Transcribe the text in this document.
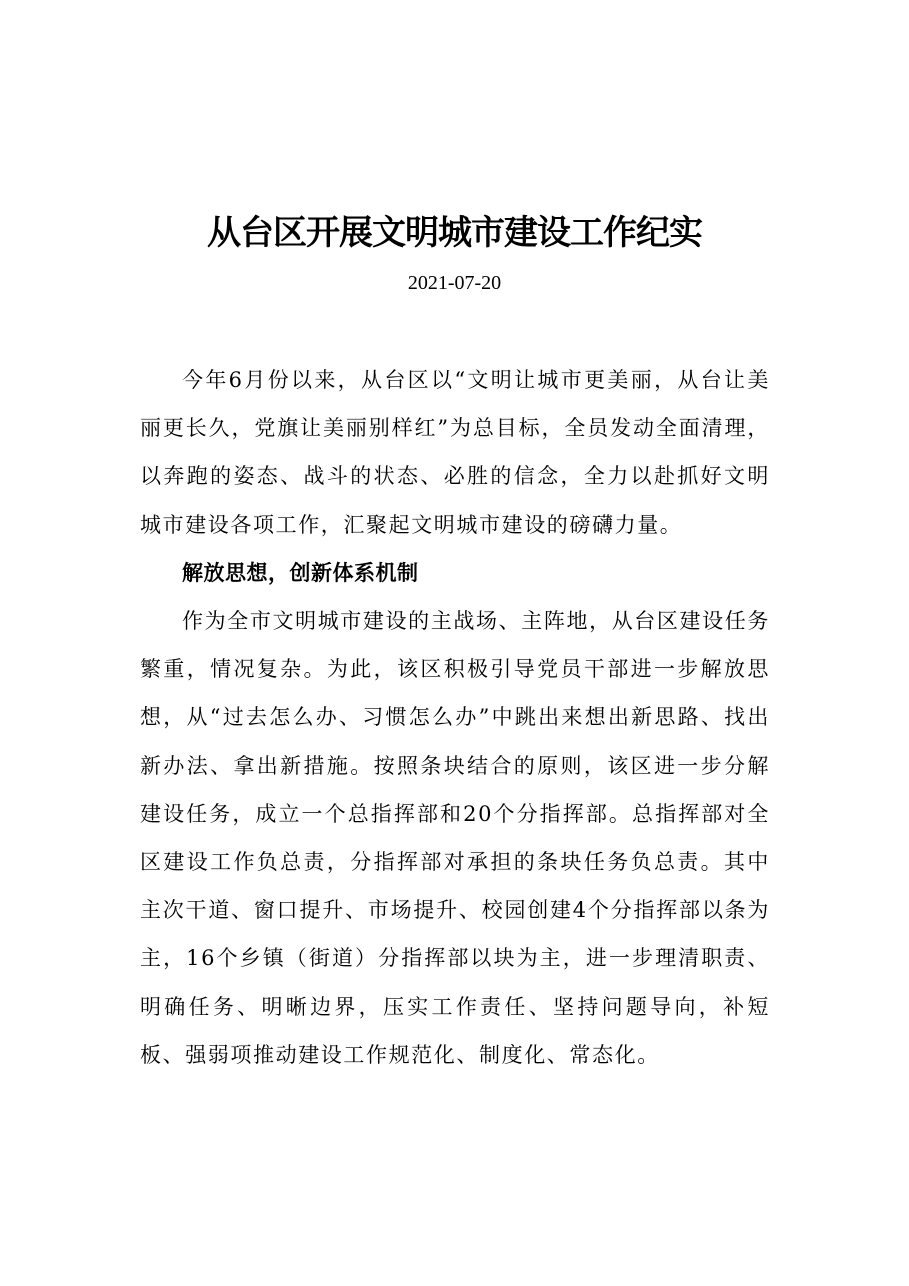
从台区开展文明城市建设工作纪实
2021-07-20

今年6月份以来，从台区以“文明让城市更美丽，从台让美丽更长久，党旗让美丽别样红”为总目标，全员发动全面清理，以奔跑的姿态、战斗的状态、必胜的信念，全力以赴抓好文明城市建设各项工作，汇聚起文明城市建设的磅礴力量。

解放思想，创新体系机制

作为全市文明城市建设的主战场、主阵地，从台区建设任务繁重，情况复杂。为此，该区积极引导党员干部进一步解放思想，从“过去怎么办、习惯怎么办”中跳出来想出新思路、找出新办法、拿出新措施。按照条块结合的原则，该区进一步分解建设任务，成立一个总指挥部和20个分指挥部。总指挥部对全区建设工作负总责，分指挥部对承担的条块任务负总责。其中主次干道、窗口提升、市场提升、校园创建4个分指挥部以条为主，16个乡镇（街道）分指挥部以块为主，进一步理清职责、明确任务、明晰边界，压实工作责任、坚持问题导向，补短板、强弱项推动建设工作规范化、制度化、常态化。
